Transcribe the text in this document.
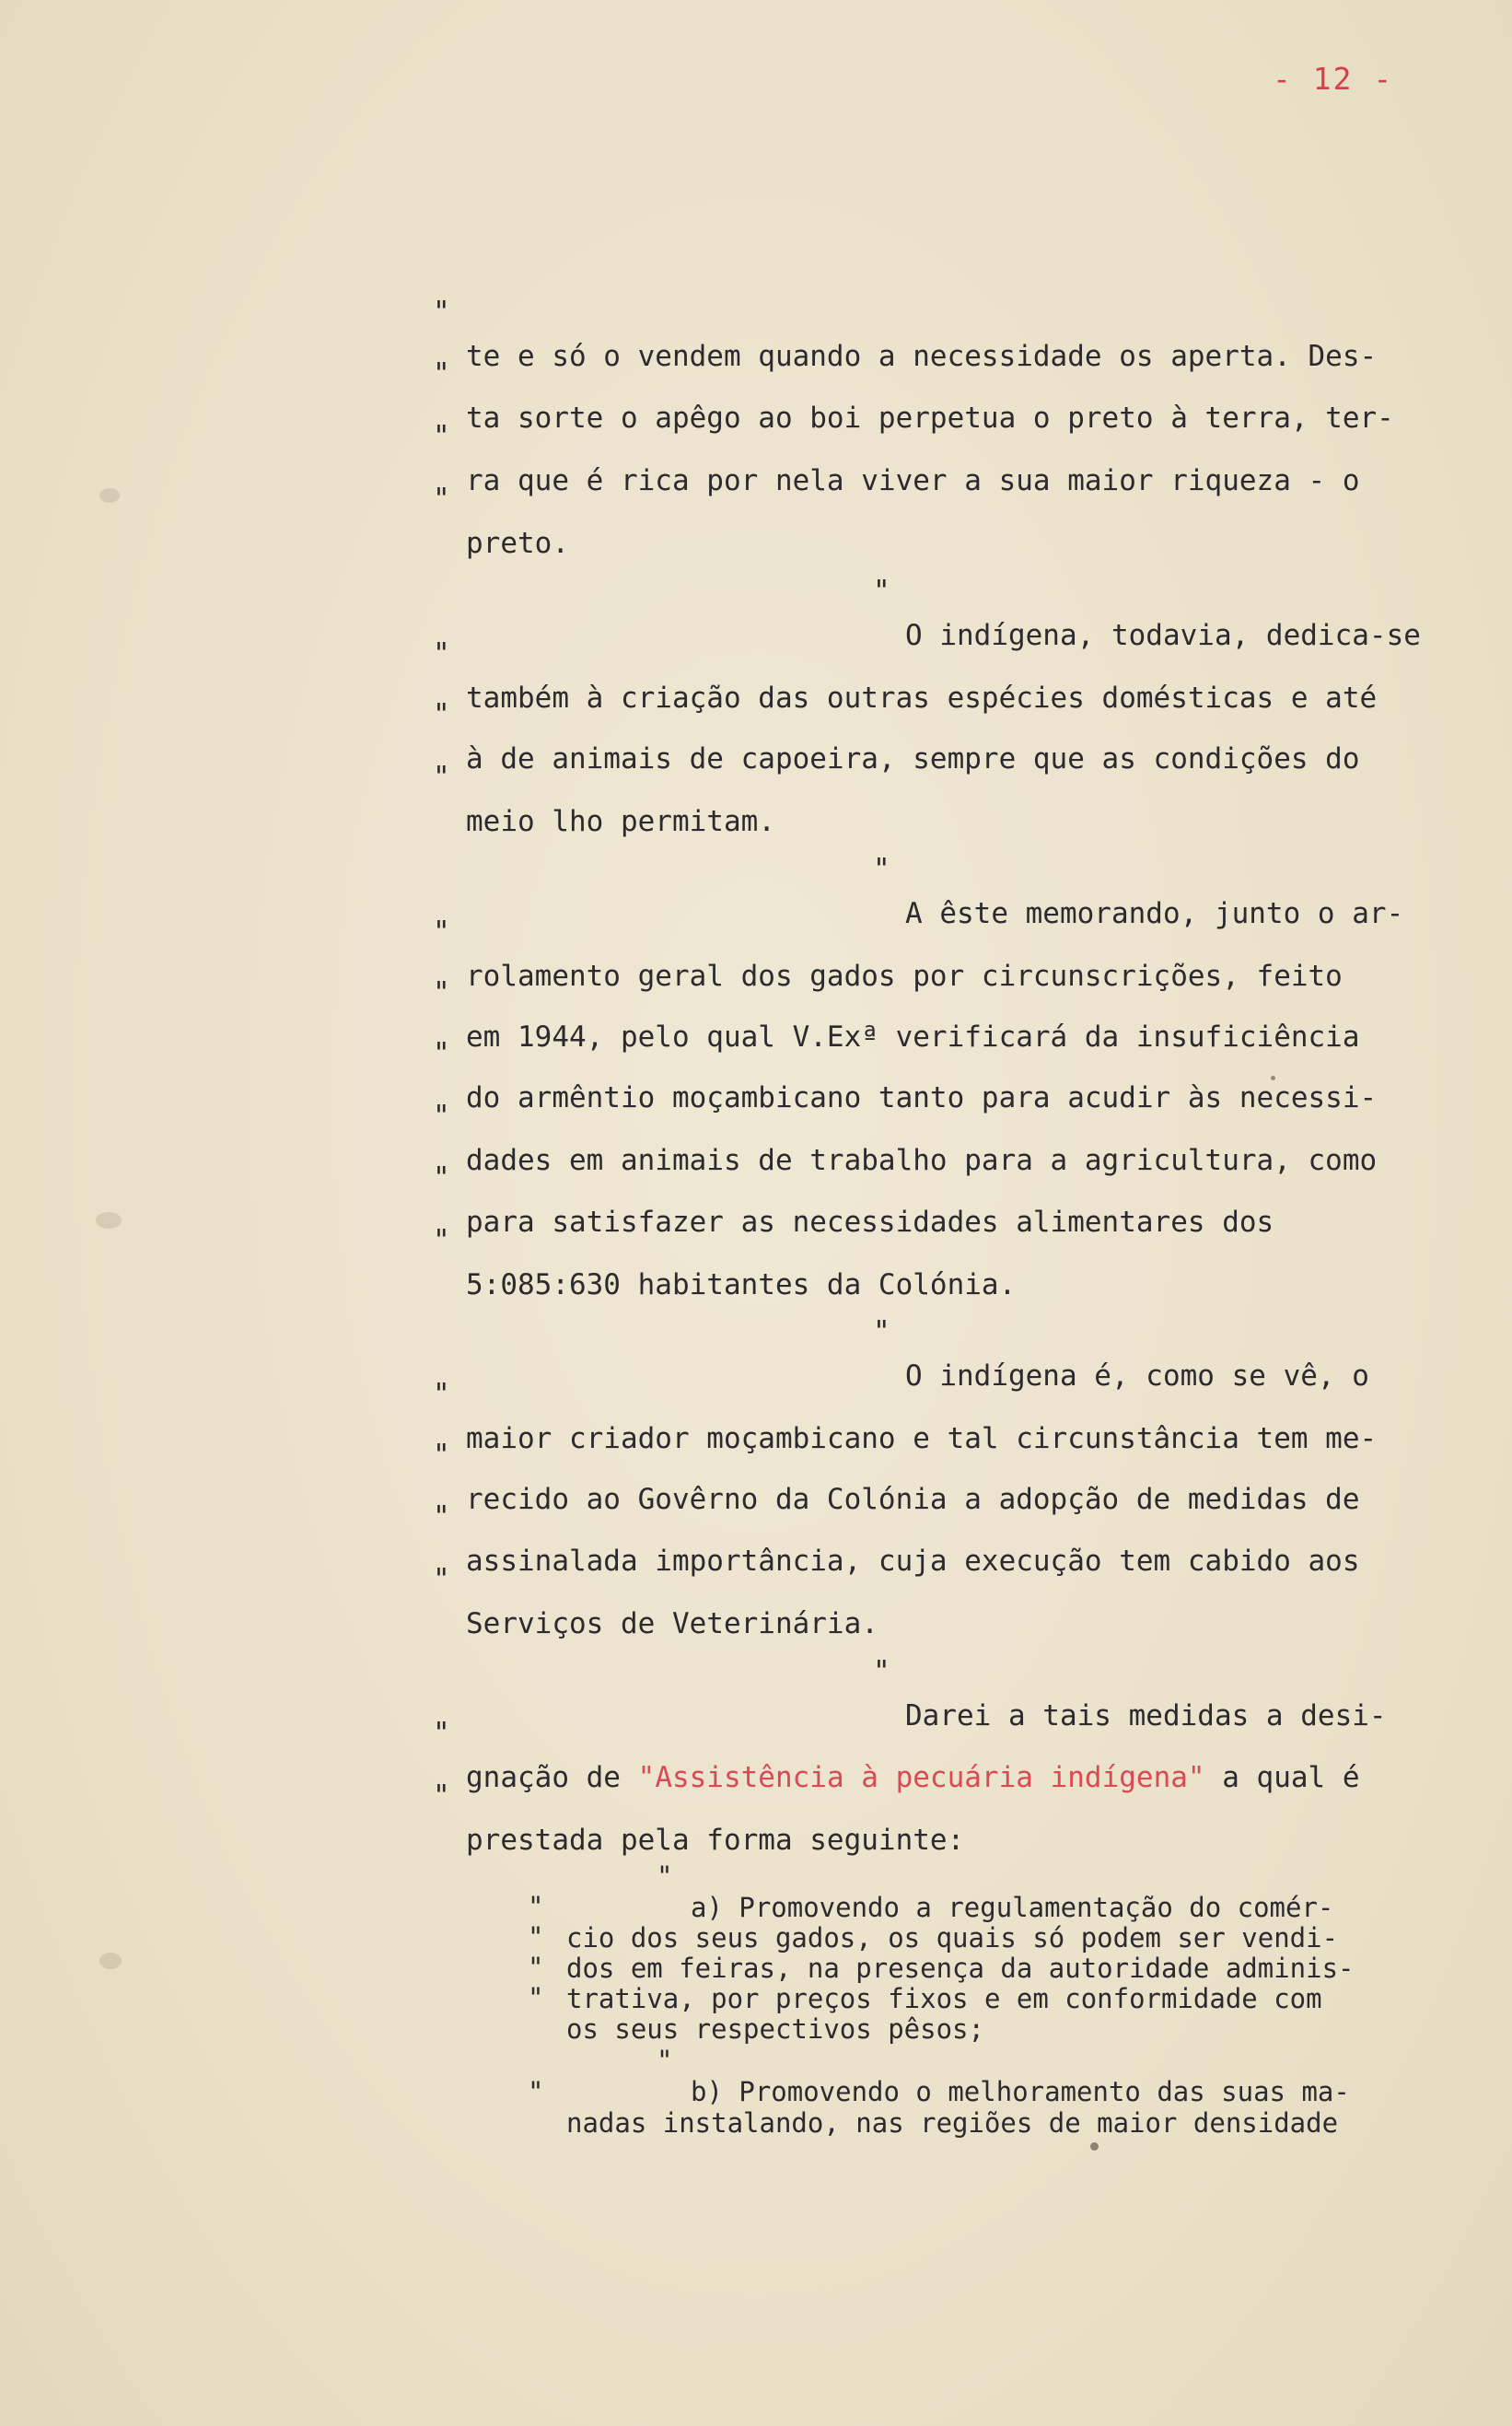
- 12 -

"

te e só o vendem quando a necessidade os aperta. Des-

"

ta sorte o apêgo ao boi perpetua o preto à terra, ter-

"

ra que é rica por nela viver a sua maior riqueza - o

"

preto.

"

O indígena, todavia, dedica-se

"

também à criação das outras espécies domésticas e até

"

à de animais de capoeira, sempre que as condições do

"

meio lho permitam.

"

A êste memorando, junto o ar-

"

rolamento geral dos gados por circunscrições, feito

"

em 1944, pelo qual V.Exª verificará da insuficiência

"

do armêntio moçambicano tanto para acudir às necessi-

"

dades em animais de trabalho para a agricultura, como

"

para satisfazer as necessidades alimentares dos

"

5:085:630 habitantes da Colónia.

"

O indígena é, como se vê, o

"

maior criador moçambicano e tal circunstância tem me-

"

recido ao Govêrno da Colónia a adopção de medidas de

"

assinalada importância, cuja execução tem cabido aos

"

Serviços de Veterinária.

"

Darei a tais medidas a desi-

"

gnação de "Assistência à pecuária indígena" a qual é

"

prestada pela forma seguinte:

"

a) Promovendo a regulamentação do comér-

"

cio dos seus gados, os quais só podem ser vendi-

"

dos em feiras, na presença da autoridade adminis-

"

trativa, por preços fixos e em conformidade com

"

os seus respectivos pêsos;

"

b) Promovendo o melhoramento das suas ma-

"

nadas instalando, nas regiões de maior densidade
